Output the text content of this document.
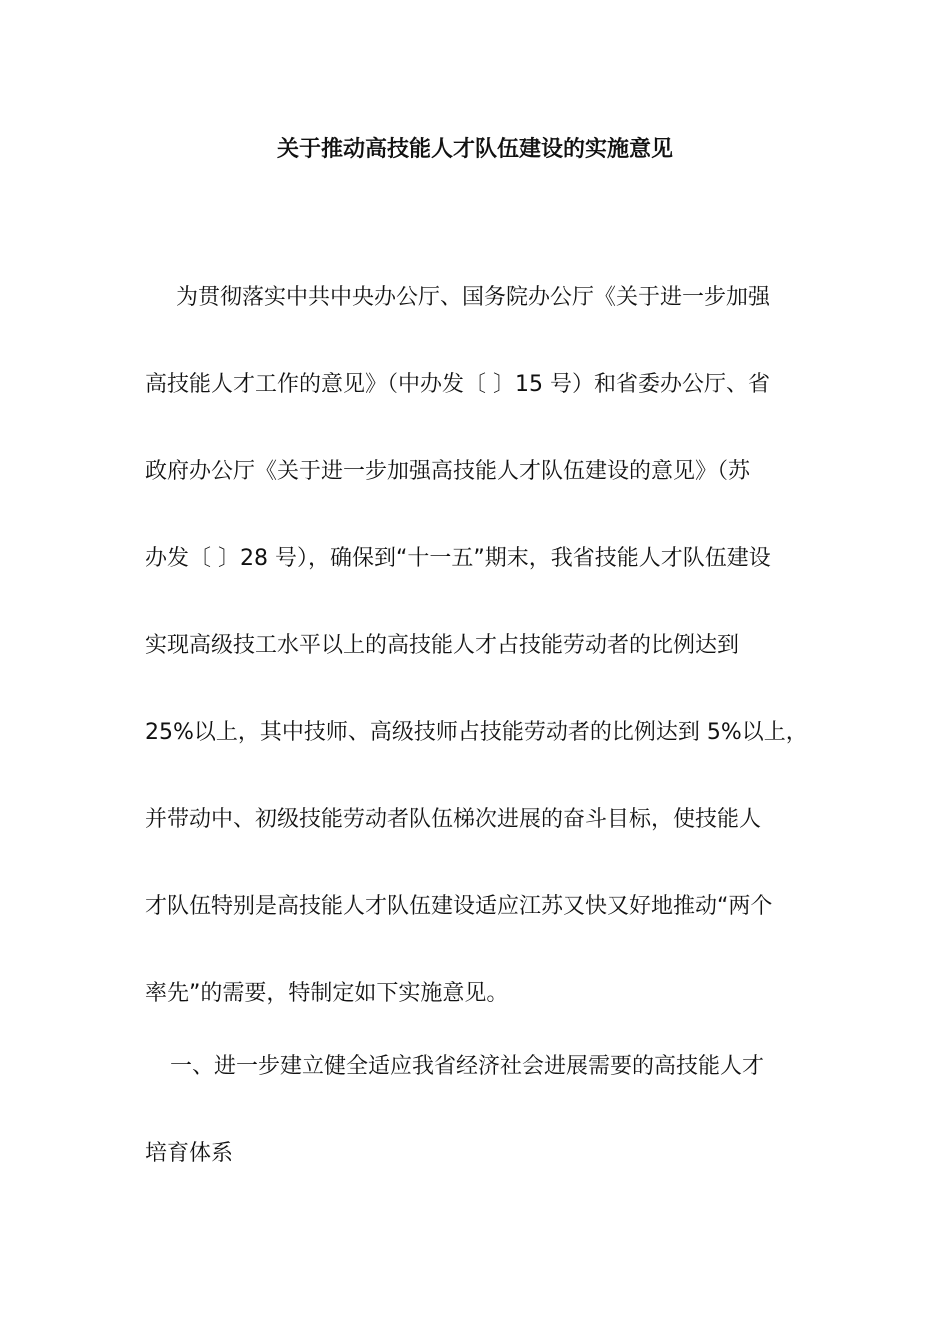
关于推动高技能人才队伍建设的实施意见
为贯彻落实中共中央办公厅、国务院办公厅《关于进一步加强
高技能人才工作的意见》（中办发〔 〕15 号）和省委办公厅、省
政府办公厅《关于进一步加强高技能人才队伍建设的意见》（苏
办发〔 〕28 号），确保到“十一五”期末，我省技能人才队伍建设
实现高级技工水平以上的高技能人才占技能劳动者的比例达到
25%以上，其中技师、高级技师占技能劳动者的比例达到 5%以上，
并带动中、初级技能劳动者队伍梯次进展的奋斗目标，使技能人
才队伍特别是高技能人才队伍建设适应江苏又快又好地推动“两个
率先”的需要，特制定如下实施意见。
一、进一步建立健全适应我省经济社会进展需要的高技能人才
培育体系
